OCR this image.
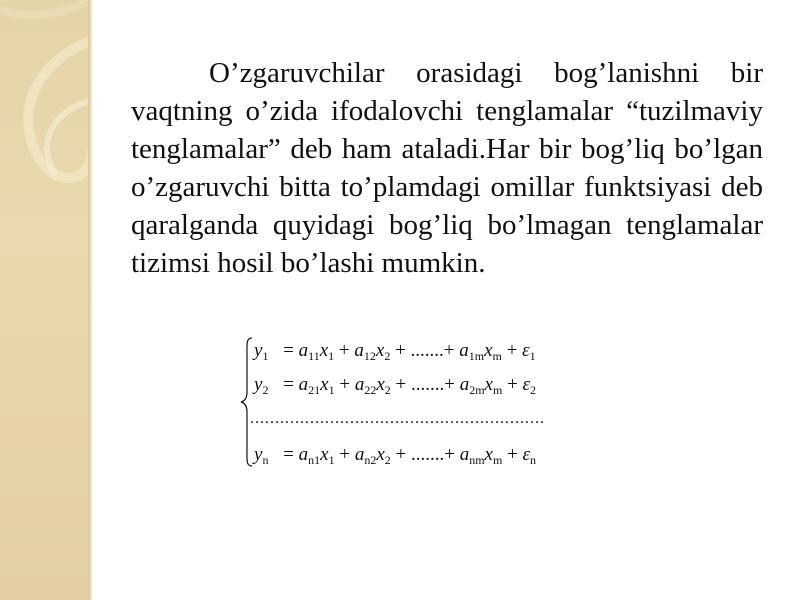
O’zgaruvchilar orasidagi bog’lanishni bir vaqtning o’zida ifodalovchi tenglamalar “tuzilmaviy tenglamalar” deb ham ataladi.Har bir bog’liq bo’lgan o’zgaruvchi bitta to’plamdagi omillar funktsiyasi deb qaralganda quyidagi bog’liq bo’lmagan tenglamalar tizimsi hosil bo’lashi mumkin.

$y_1 = a_{11}x_1 + a_{12}x_2$ + .......+ $a_{1m}x_m + \varepsilon_1$
$y_2 = a_{21}x_1 + a_{22}x_2$ + .......+ $a_{2m}x_m + \varepsilon_2$
...........................................................
$y_n = a_{n1}x_1 + a_{n2}x_2$ + .......+ $a_{nm}x_m + \varepsilon_n$
